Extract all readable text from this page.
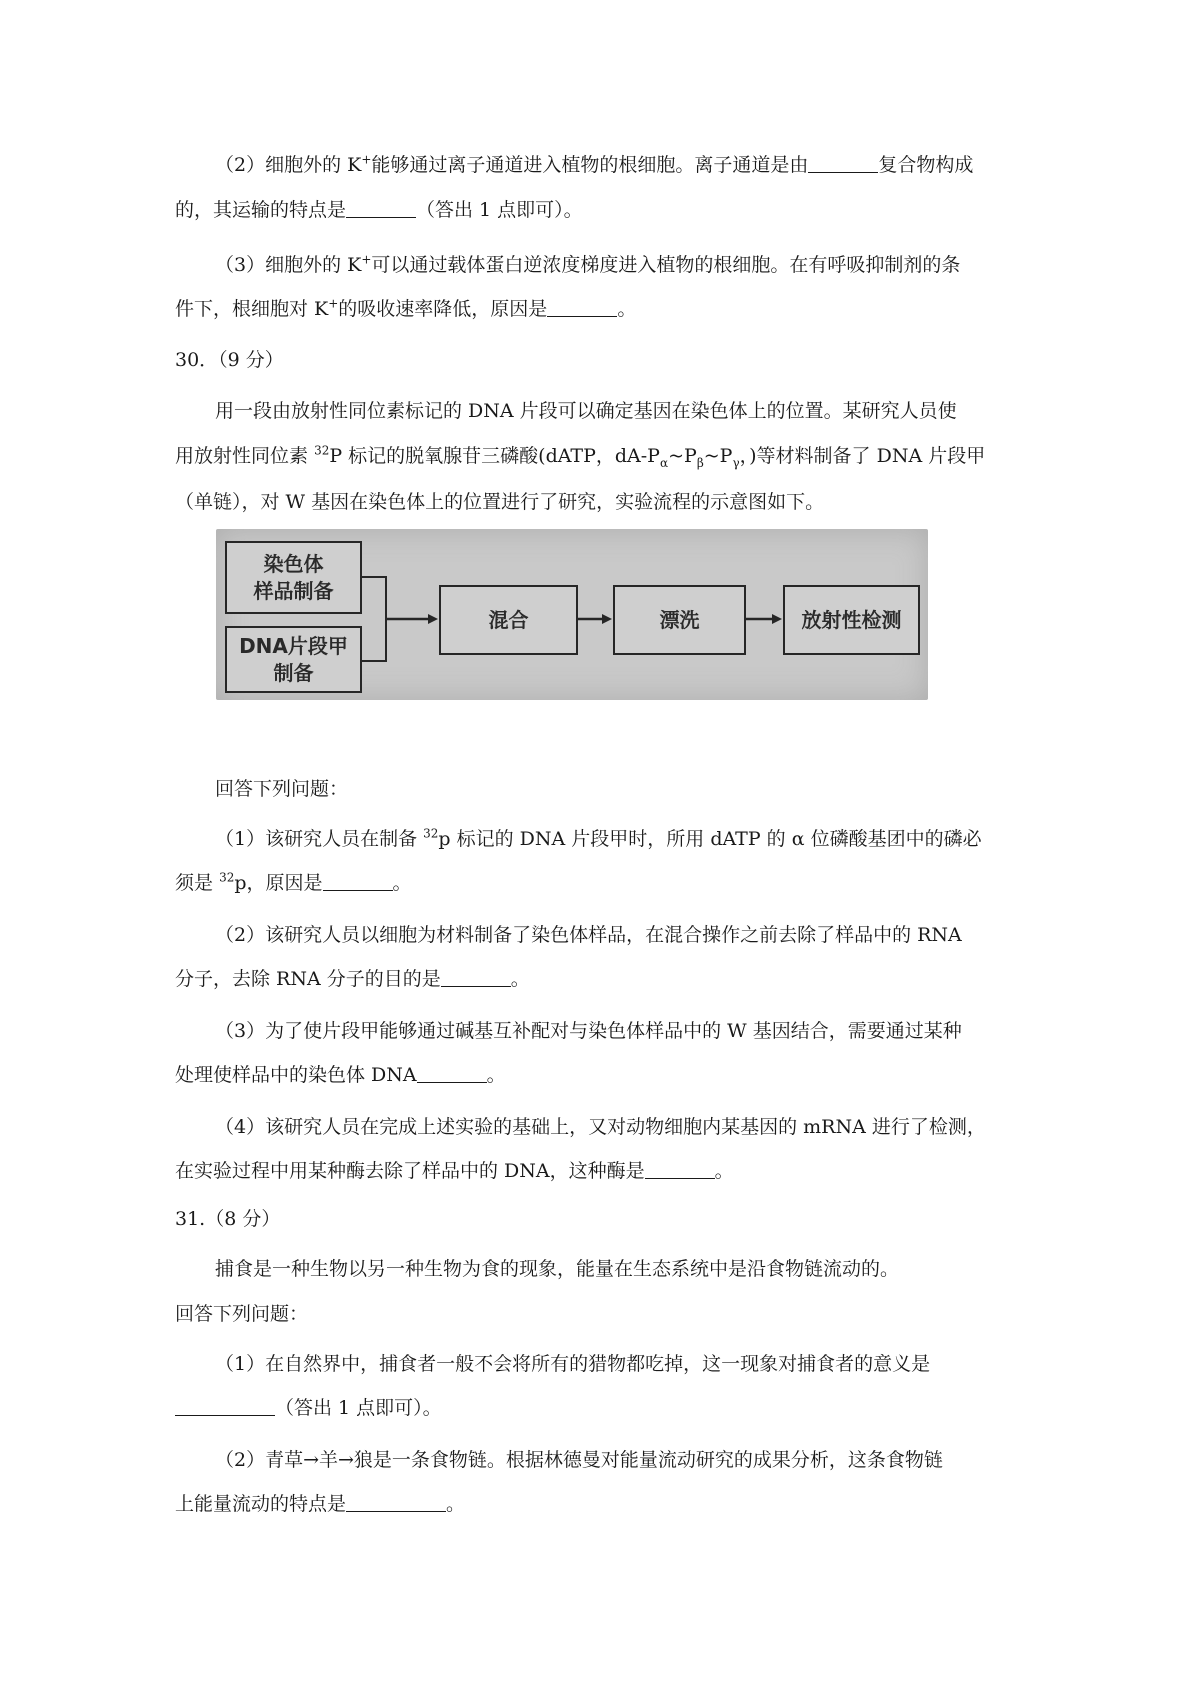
（2）细胞外的 K+能够通过离子通道进入植物的根细胞。离子通道是由	复合物构成
的，其运输的特点是	（答出 1 点即可）。
（3）细胞外的 K+可以通过载体蛋白逆浓度梯度进入植物的根细胞。在有呼吸抑制剂的条
件下，根细胞对 K+的吸收速率降低，原因是	。
30．（9 分）
用一段由放射性同位素标记的 DNA 片段可以确定基因在染色体上的位置。某研究人员使
用放射性同位素 $^{32}$P 标记的脱氧腺苷三磷酸(dATP，$dA-P_\alpha\sim P_\beta\sim P_\gamma$，)等材料制备了 DNA 片段甲
（单链），对 W 基因在染色体上的位置进行了研究，实验流程的示意图如下。
染色体
样品制备
DNA片段甲
制备
混合	漂洗	放射性检测
回答下列问题：
（1）该研究人员在制备 $^{32}$p 标记的 DNA 片段甲时，所用 dATP 的 α 位磷酸基团中的磷必
须是 $^{32}$p，原因是	。
（2）该研究人员以细胞为材料制备了染色体样品，在混合操作之前去除了样品中的 RNA
分子，去除 RNA 分子的目的是	。
（3）为了使片段甲能够通过碱基互补配对与染色体样品中的 W 基因结合，需要通过某种
处理使样品中的染色体 DNA	。
（4）该研究人员在完成上述实验的基础上，又对动物细胞内某基因的 mRNA 进行了检测，
在实验过程中用某种酶去除了样品中的 DNA，这种酶是	。
31.（8 分）
捕食是一种生物以另一种生物为食的现象，能量在生态系统中是沿食物链流动的。
回答下列问题：
（1）在自然界中，捕食者一般不会将所有的猎物都吃掉，这一现象对捕食者的意义是
（答出 1 点即可）。
（2）青草→羊→狼是一条食物链。根据林德曼对能量流动研究的成果分析，这条食物链
上能量流动的特点是	。
